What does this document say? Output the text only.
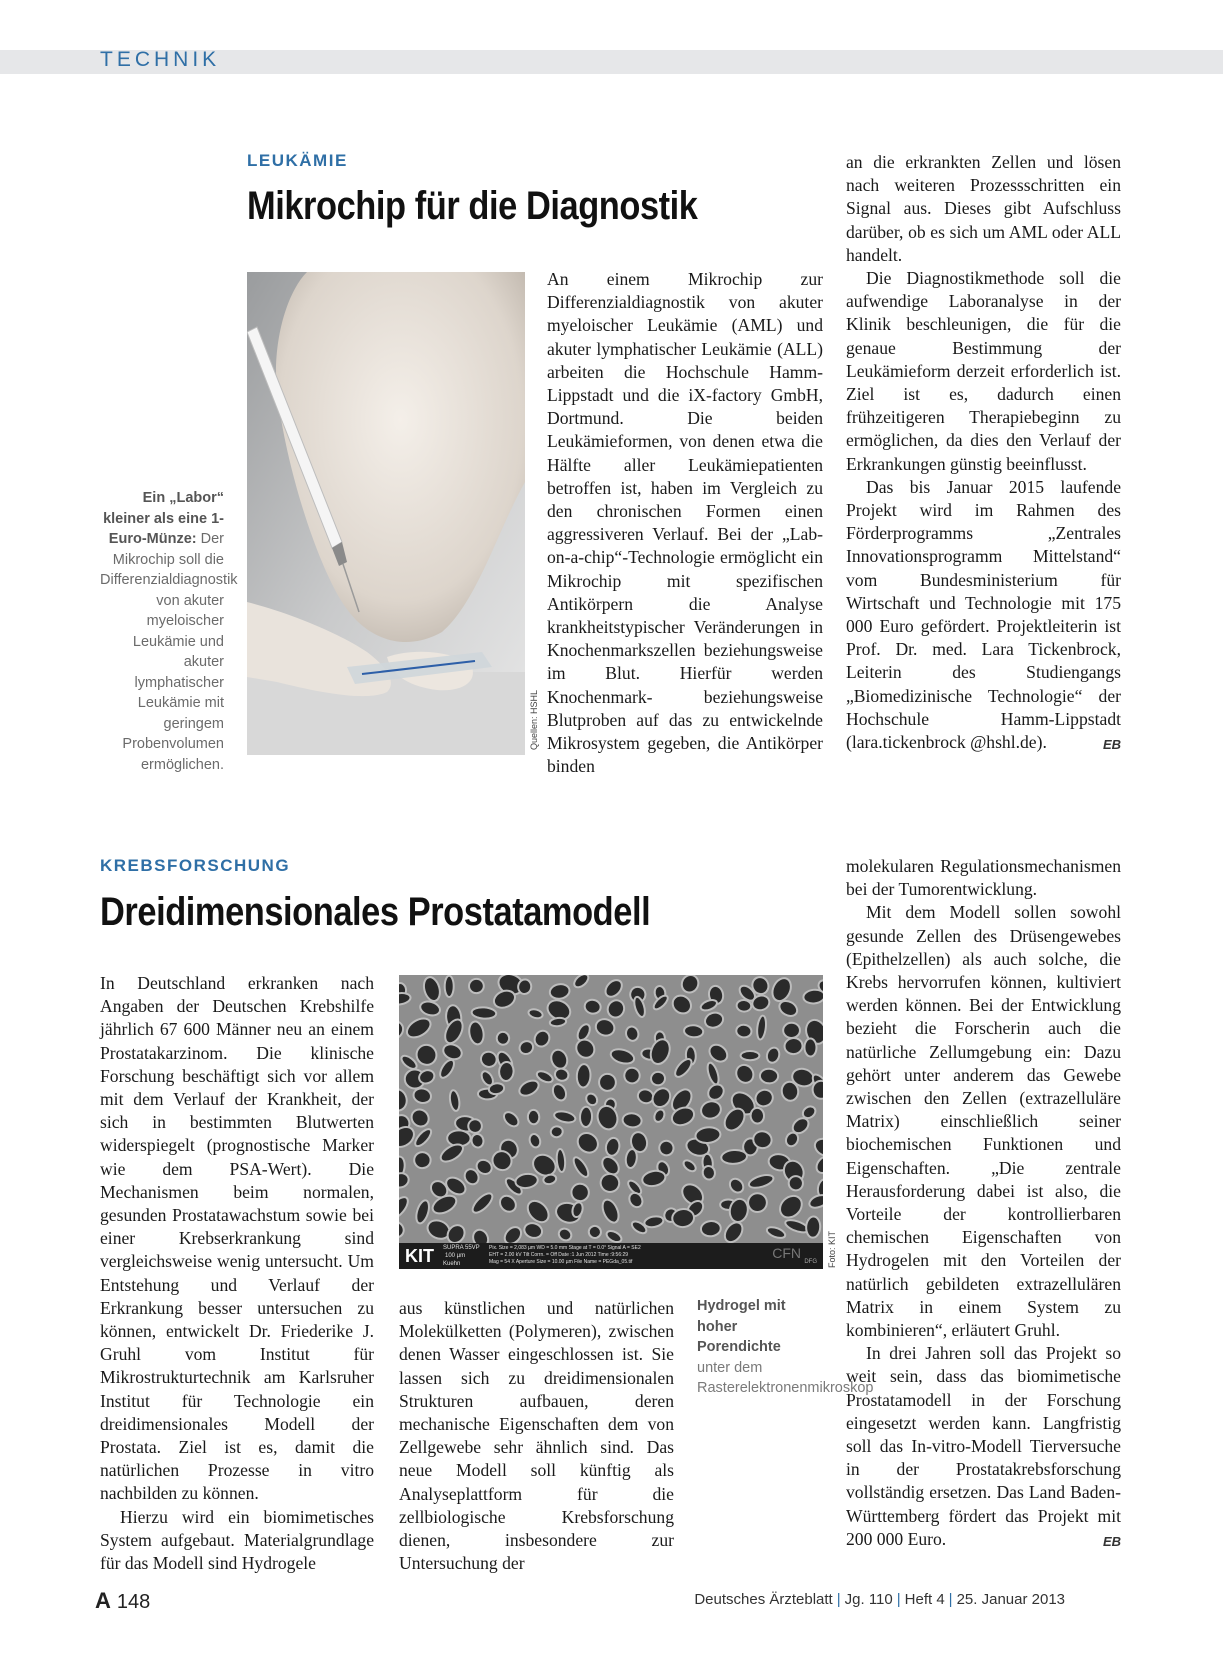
TECHNIK
LEUKÄMIE
Mikrochip für die Diagnostik
Ein „Labor“ kleiner als eine 1-Euro-Münze: Der Mikrochip soll die Differenzialdiagnostik von akuter myeloischer Leukämie und akuter lymphatischer Leukämie mit geringem Probenvolumen ermöglichen.
Quellen: HSHL

An einem Mikrochip zur Differenzialdiagnostik von akuter myeloischer Leukämie (AML) und akuter lymphatischer Leukämie (ALL) arbeiten die Hochschule Hamm-Lippstadt und die iX-factory GmbH, Dortmund. Die beiden Leukämieformen, von denen etwa die Hälfte aller Leukämiepatienten betroffen ist, haben im Vergleich zu den chronischen Formen einen aggressiveren Verlauf. Bei der „Lab-on-a-chip“-Technologie ermöglicht ein Mikrochip mit spezifischen Antikörpern die Analyse krankheitstypischer Veränderungen in Knochenmarkszellen beziehungsweise im Blut. Hierfür werden Knochenmark- beziehungsweise Blutproben auf das zu entwickelnde Mikrosystem gegeben, die Antikörper binden

an die erkrankten Zellen und lösen nach weiteren Prozessschritten ein Signal aus. Dieses gibt Aufschluss darüber, ob es sich um AML oder ALL handelt.

Die Diagnostikmethode soll die aufwendige Laboranalyse in der Klinik beschleunigen, die für die genaue Bestimmung der Leukämieform derzeit erforderlich ist. Ziel ist es, dadurch einen frühzeitigeren Therapiebeginn zu ermöglichen, da dies den Verlauf der Erkrankungen günstig beeinflusst.

Das bis Januar 2015 laufende Projekt wird im Rahmen des Förderprogramms „Zentrales Innovationsprogramm Mittelstand“ vom Bundesministerium für Wirtschaft und Technologie mit 175 000 Euro gefördert. Projektleiterin ist Prof. Dr. med. Lara Tickenbrock, Leiterin des Studiengangs „Biomedizinische Technologie“ der Hochschule Hamm-Lippstadt (lara.tickenbrock @hshl.de).	EB

KREBSFORSCHUNG
Dreidimensionales Prostatamodell
KIT SUPRA 55VP
100 µm
Kuehn
Pix. Size = 2,083 µm WD = 5.0 mm Stage at T = 0.0° Signal A = SE2
EHT = 2.00 kV Tilt Corrn. = Off Date :1 Jun 2012 Time :9:56:29
Mag = 54 X Aperture Size = 10.00 µm File Name = PEGda_05.tif
CFN
DFG Foto: KIT

In Deutschland erkranken nach Angaben der Deutschen Krebshilfe jährlich 67 600 Männer neu an einem Prostatakarzinom. Die klinische Forschung beschäftigt sich vor allem mit dem Verlauf der Krankheit, der sich in bestimmten Blutwerten widerspiegelt (prognostische Marker wie dem PSA-Wert). Die Mechanismen beim normalen, gesunden Prostatawachstum sowie bei einer Krebserkrankung sind vergleichsweise wenig untersucht. Um Entstehung und Verlauf der Erkrankung besser untersuchen zu können, entwickelt Dr. Friederike J. Gruhl vom Institut für Mikrostrukturtechnik am Karlsruher Institut für Technologie ein dreidimensionales Modell der Prostata. Ziel ist es, damit die natürlichen Prozesse in vitro nachbilden zu können.

Hierzu wird ein biomimetisches System aufgebaut. Materialgrundlage für das Modell sind Hydrogele

aus künstlichen und natürlichen Molekülketten (Polymeren), zwischen denen Wasser eingeschlossen ist. Sie lassen sich zu dreidimensionalen Strukturen aufbauen, deren mechanische Eigenschaften dem von Zellgewebe sehr ähnlich sind. Das neue Modell soll künftig als Analyseplattform für die zellbiologische Krebsforschung dienen, insbesondere zur Untersuchung der

Hydrogel mit hoher Porendichte
unter dem Rasterelektronenmikroskop

molekularen Regulationsmechanismen bei der Tumorentwicklung.

Mit dem Modell sollen sowohl gesunde Zellen des Drüsengewebes (Epithelzellen) als auch solche, die Krebs hervorrufen können, kultiviert werden können. Bei der Entwicklung bezieht die Forscherin auch die natürliche Zellumgebung ein: Dazu gehört unter anderem das Gewebe zwischen den Zellen (extrazelluläre Matrix) einschließlich seiner biochemischen Funktionen und Eigenschaften. „Die zentrale Herausforderung dabei ist also, die Vorteile der kontrollierbaren chemischen Eigenschaften von Hydrogelen mit den Vorteilen der natürlich gebildeten extrazellulären Matrix in einem System zu kombinieren“, erläutert Gruhl.

In drei Jahren soll das Projekt so weit sein, dass das biomimetische Prostatamodell in der Forschung eingesetzt werden kann. Langfristig soll das In-vitro-Modell Tierversuche in der Prostatakrebsforschung vollständig ersetzen. Das Land Baden-Württemberg fördert das Projekt mit 200 000 Euro.	EB

A 148	Deutsches Ärzteblatt | Jg. 110 | Heft 4 | 25. Januar 2013
